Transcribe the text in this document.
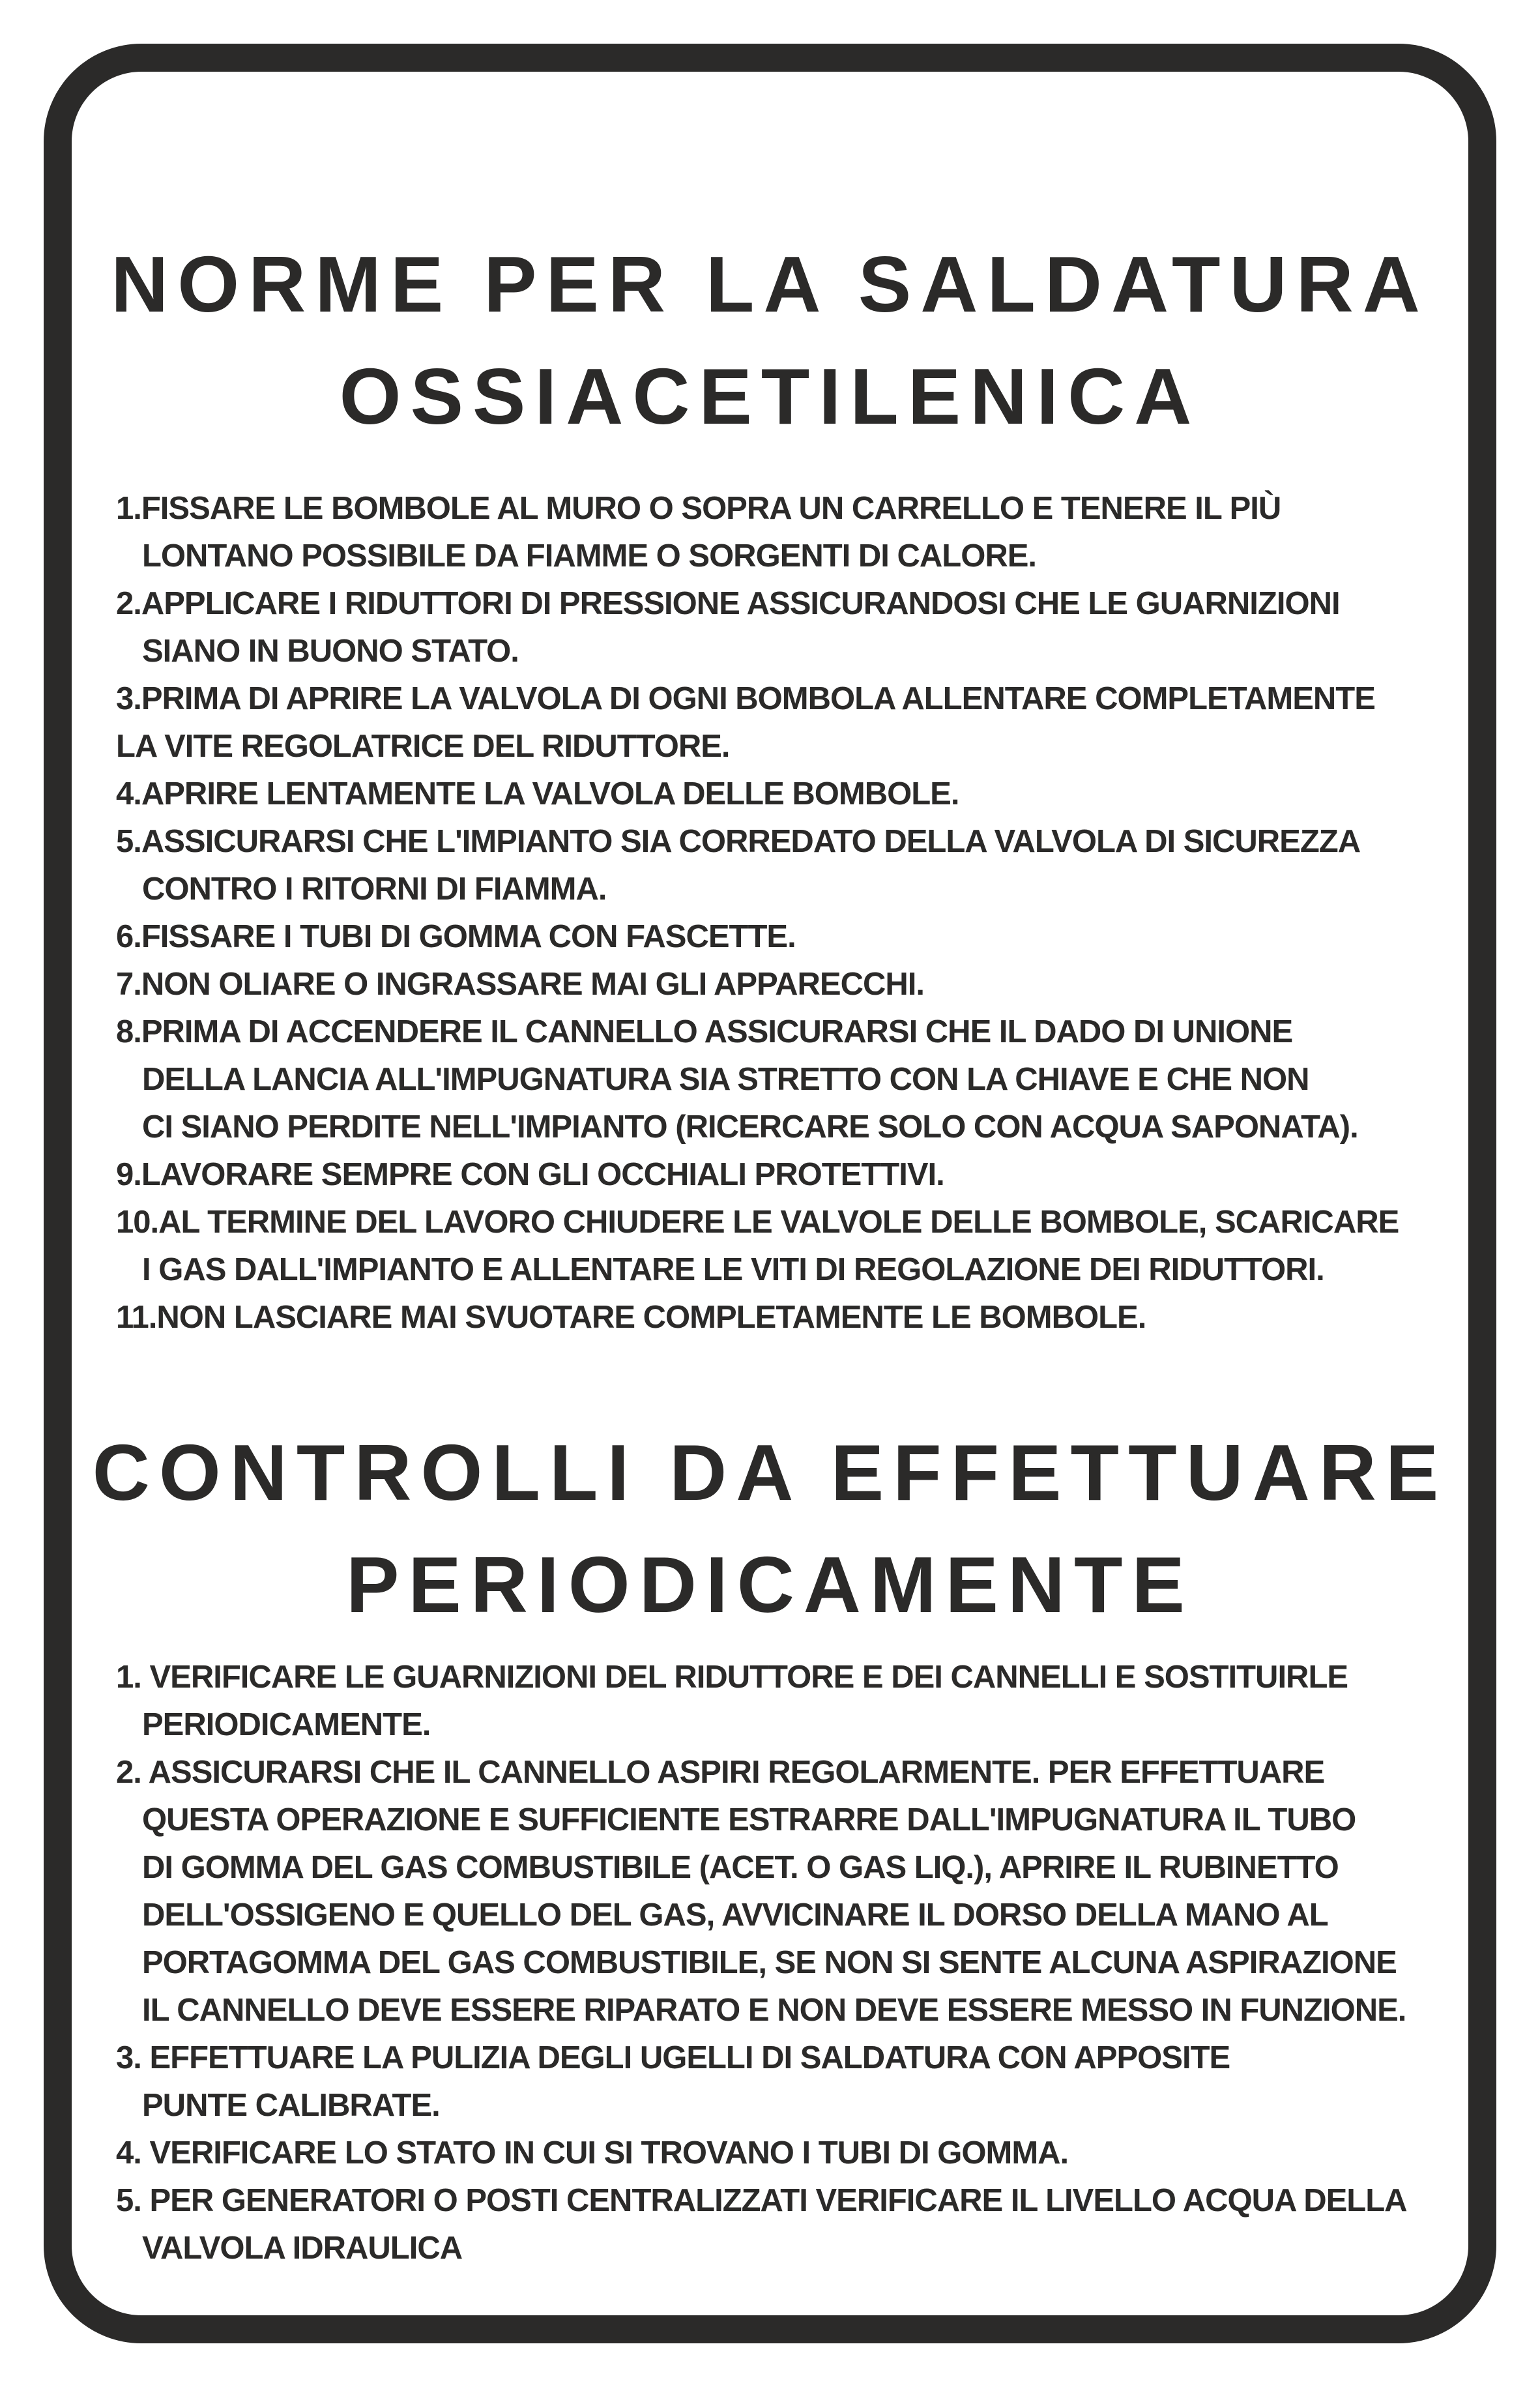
NORME PER LA SALDATURA
OSSIACETILENICA
1.FISSARE LE BOMBOLE AL MURO O SOPRA UN CARRELLO E TENERE IL PIÙ
LONTANO POSSIBILE DA FIAMME O SORGENTI DI CALORE.
2.APPLICARE I RIDUTTORI DI PRESSIONE ASSICURANDOSI CHE LE GUARNIZIONI
SIANO IN BUONO STATO.
3.PRIMA DI APRIRE LA VALVOLA DI OGNI BOMBOLA ALLENTARE COMPLETAMENTE
LA VITE REGOLATRICE DEL RIDUTTORE.
4.APRIRE LENTAMENTE LA VALVOLA DELLE BOMBOLE.
5.ASSICURARSI CHE L'IMPIANTO SIA CORREDATO DELLA VALVOLA DI SICUREZZA
CONTRO I RITORNI DI FIAMMA.
6.FISSARE I TUBI DI GOMMA CON FASCETTE.
7.NON OLIARE O INGRASSARE MAI GLI APPARECCHI.
8.PRIMA DI ACCENDERE IL CANNELLO ASSICURARSI CHE IL DADO DI UNIONE
DELLA LANCIA ALL'IMPUGNATURA SIA STRETTO CON LA CHIAVE E CHE NON
CI SIANO PERDITE NELL'IMPIANTO (RICERCARE SOLO CON ACQUA SAPONATA).
9.LAVORARE SEMPRE CON GLI OCCHIALI PROTETTIVI.
10.AL TERMINE DEL LAVORO CHIUDERE LE VALVOLE DELLE BOMBOLE, SCARICARE
I GAS DALL'IMPIANTO E ALLENTARE LE VITI DI REGOLAZIONE DEI RIDUTTORI.
11.NON LASCIARE MAI SVUOTARE COMPLETAMENTE LE BOMBOLE.
CONTROLLI DA EFFETTUARE
PERIODICAMENTE
1. VERIFICARE LE GUARNIZIONI DEL RIDUTTORE E DEI CANNELLI E SOSTITUIRLE
PERIODICAMENTE.
2. ASSICURARSI CHE IL CANNELLO ASPIRI REGOLARMENTE. PER EFFETTUARE
QUESTA OPERAZIONE E SUFFICIENTE ESTRARRE DALL'IMPUGNATURA IL TUBO
DI GOMMA DEL GAS COMBUSTIBILE (ACET. O GAS LIQ.), APRIRE IL RUBINETTO
DELL'OSSIGENO E QUELLO DEL GAS, AVVICINARE IL DORSO DELLA MANO AL
PORTAGOMMA DEL GAS COMBUSTIBILE, SE NON SI SENTE ALCUNA ASPIRAZIONE
IL CANNELLO DEVE ESSERE RIPARATO E NON DEVE ESSERE MESSO IN FUNZIONE.
3. EFFETTUARE LA PULIZIA DEGLI UGELLI DI SALDATURA CON APPOSITE
PUNTE CALIBRATE.
4. VERIFICARE LO STATO IN CUI SI TROVANO I TUBI DI GOMMA.
5. PER GENERATORI O POSTI CENTRALIZZATI VERIFICARE IL LIVELLO ACQUA DELLA
VALVOLA IDRAULICA
